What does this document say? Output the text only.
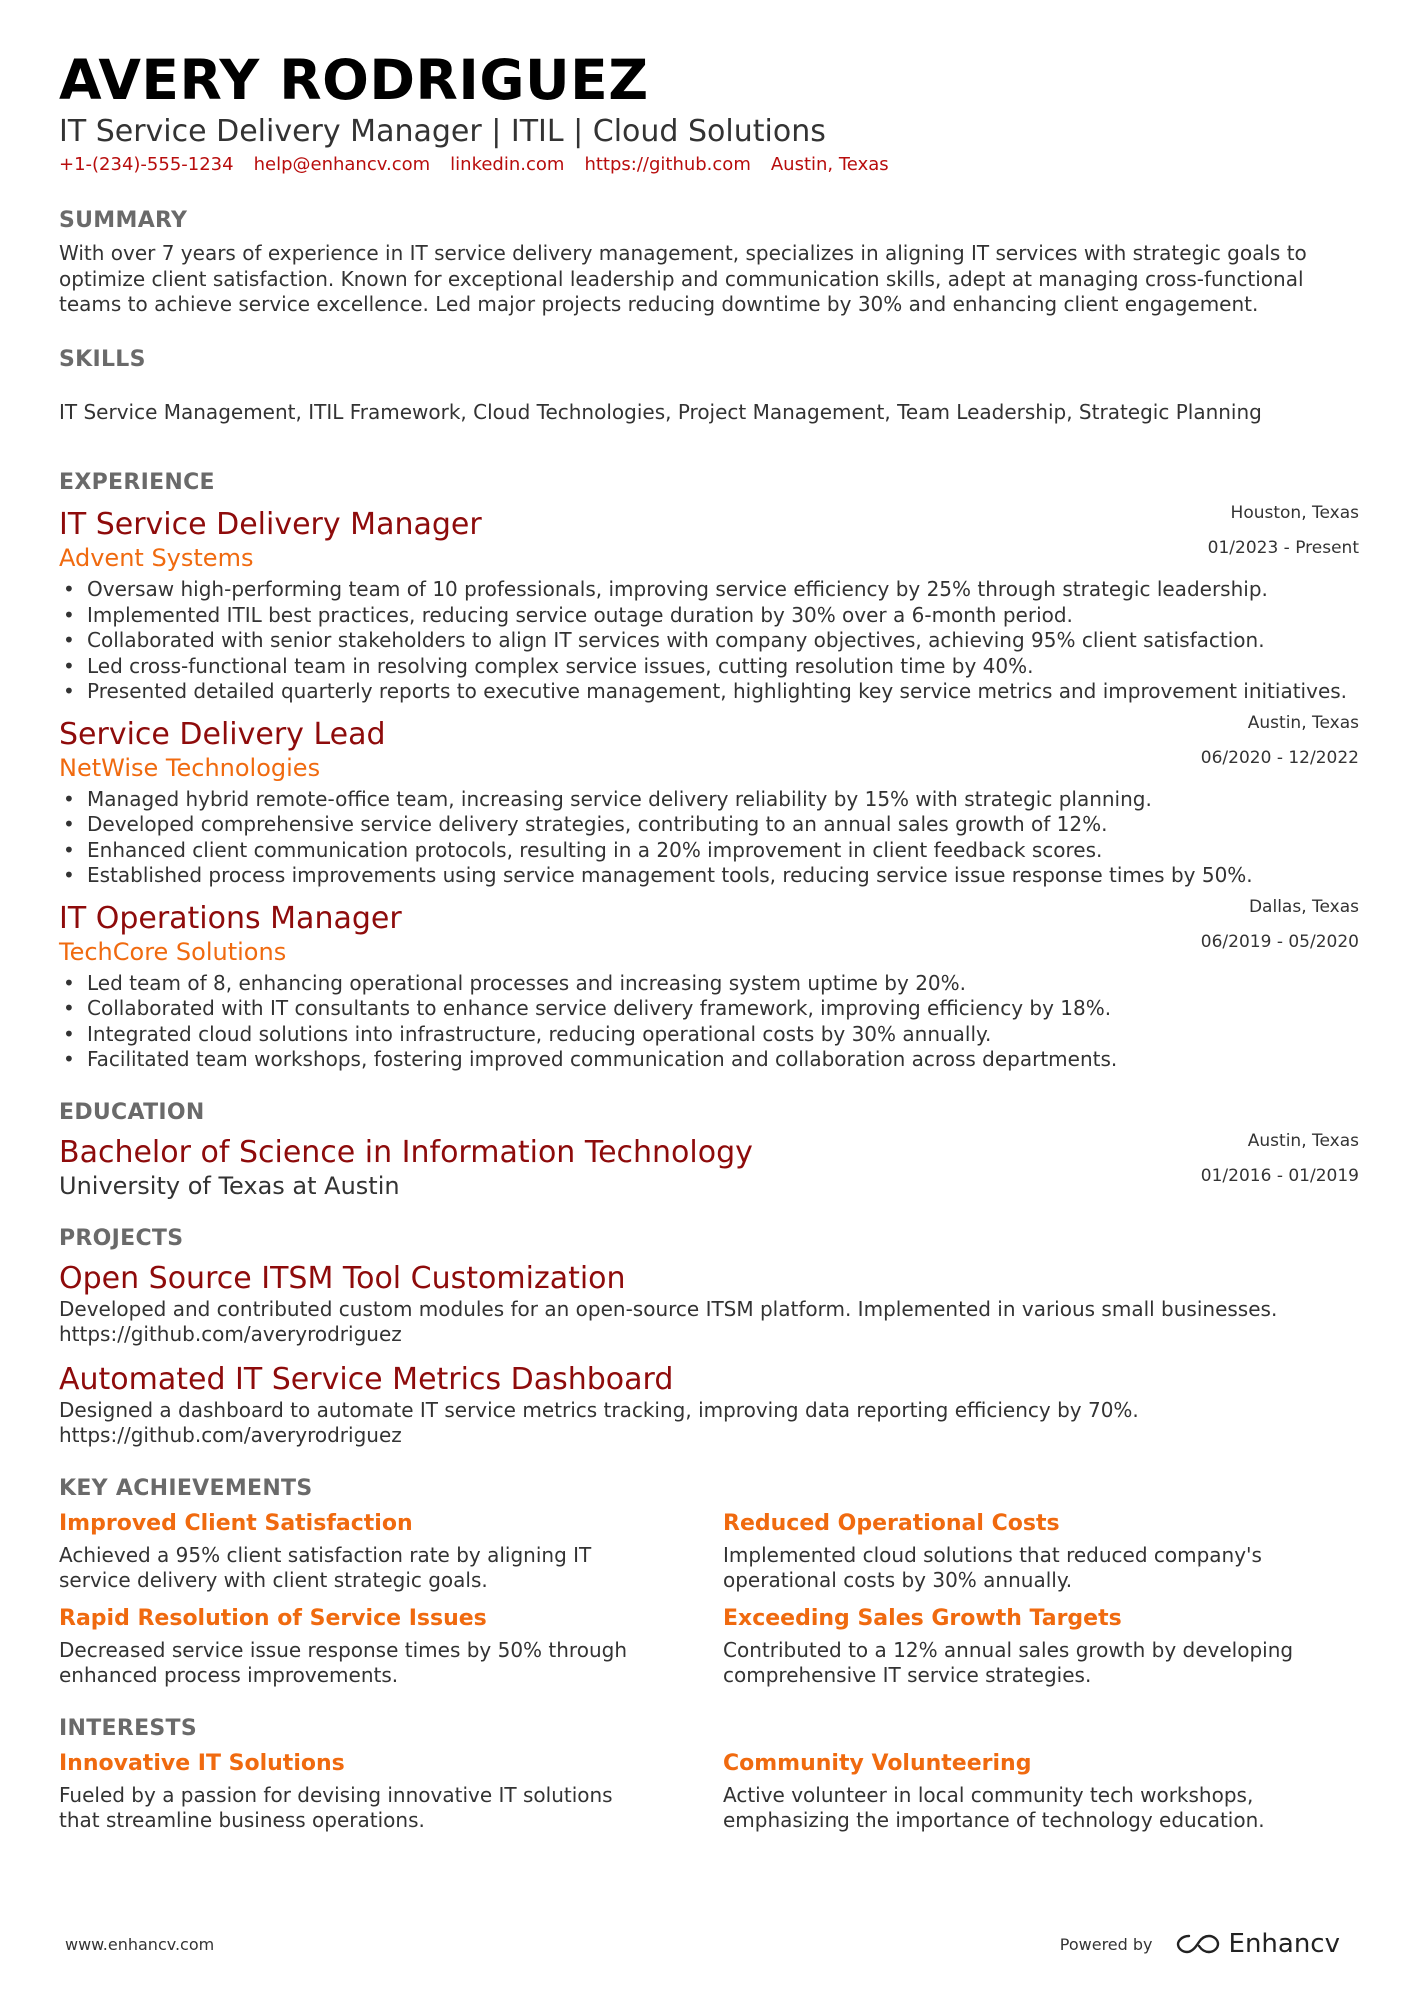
AVERY RODRIGUEZ
IT Service Delivery Manager | ITIL | Cloud Solutions
+1-(234)-555-1234 help@enhancv.com linkedin.com https://github.com Austin, Texas
SUMMARY
With over 7 years of experience in IT service delivery management, specializes in aligning IT services with strategic goals to optimize client satisfaction. Known for exceptional leadership and communication skills, adept at managing cross-functional teams to achieve service excellence. Led major projects reducing downtime by 30% and enhancing client engagement.
SKILLS
IT Service Management, ITIL Framework, Cloud Technologies, Project Management, Team Leadership, Strategic Planning
EXPERIENCE
IT Service Delivery Manager
Advent Systems
Houston, Texas
01/2023 - Present
• Oversaw high-performing team of 10 professionals, improving service efficiency by 25% through strategic leadership.
• Implemented ITIL best practices, reducing service outage duration by 30% over a 6-month period.
• Collaborated with senior stakeholders to align IT services with company objectives, achieving 95% client satisfaction.
• Led cross-functional team in resolving complex service issues, cutting resolution time by 40%.
• Presented detailed quarterly reports to executive management, highlighting key service metrics and improvement initiatives.
Service Delivery Lead
NetWise Technologies
Austin, Texas
06/2020 - 12/2022
• Managed hybrid remote-office team, increasing service delivery reliability by 15% with strategic planning.
• Developed comprehensive service delivery strategies, contributing to an annual sales growth of 12%.
• Enhanced client communication protocols, resulting in a 20% improvement in client feedback scores.
• Established process improvements using service management tools, reducing service issue response times by 50%.
IT Operations Manager
TechCore Solutions
Dallas, Texas
06/2019 - 05/2020
• Led team of 8, enhancing operational processes and increasing system uptime by 20%.
• Collaborated with IT consultants to enhance service delivery framework, improving efficiency by 18%.
• Integrated cloud solutions into infrastructure, reducing operational costs by 30% annually.
• Facilitated team workshops, fostering improved communication and collaboration across departments.
EDUCATION
Bachelor of Science in Information Technology
University of Texas at Austin
Austin, Texas
01/2016 - 01/2019
PROJECTS
Open Source ITSM Tool Customization
Developed and contributed custom modules for an open-source ITSM platform. Implemented in various small businesses.
https://github.com/averyrodriguez
Automated IT Service Metrics Dashboard
Designed a dashboard to automate IT service metrics tracking, improving data reporting efficiency by 70%.
https://github.com/averyrodriguez
KEY ACHIEVEMENTS
Improved Client Satisfaction
Achieved a 95% client satisfaction rate by aligning IT service delivery with client strategic goals.
Reduced Operational Costs
Implemented cloud solutions that reduced company's operational costs by 30% annually.
Rapid Resolution of Service Issues
Decreased service issue response times by 50% through enhanced process improvements.
Exceeding Sales Growth Targets
Contributed to a 12% annual sales growth by developing comprehensive IT service strategies.
INTERESTS
Innovative IT Solutions
Fueled by a passion for devising innovative IT solutions that streamline business operations.
Community Volunteering
Active volunteer in local community tech workshops, emphasizing the importance of technology education.
www.enhancv.com	Powered by	Enhancv
